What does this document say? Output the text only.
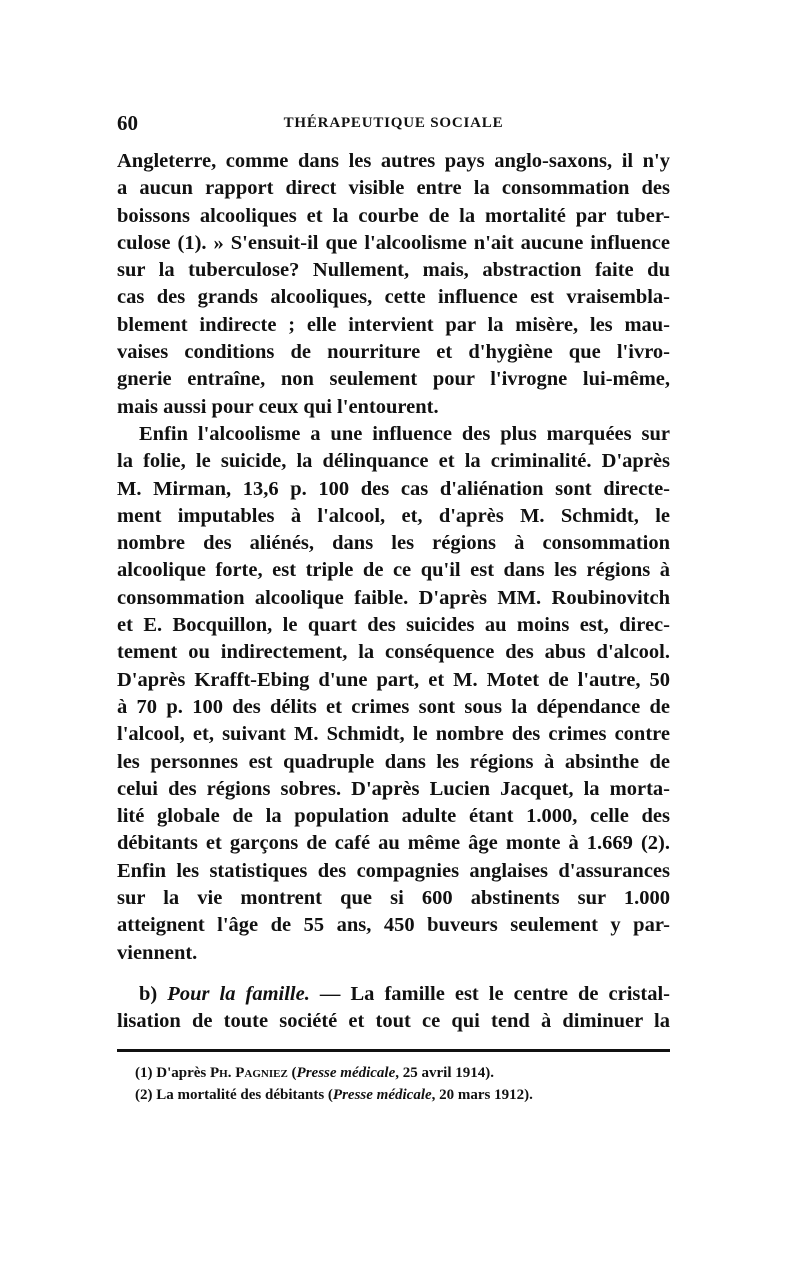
60	THÉRAPEUTIQUE SOCIALE
Angleterre, comme dans les autres pays anglo-saxons, il n'y
a aucun rapport direct visible entre la consommation des
boissons alcooliques et la courbe de la mortalité par tuber-
culose (1). » S'ensuit-il que l'alcoolisme n'ait aucune influence
sur la tuberculose? Nullement, mais, abstraction faite du
cas des grands alcooliques, cette influence est vraisembla-
blement indirecte ; elle intervient par la misère, les mau-
vaises conditions de nourriture et d'hygiène que l'ivro-
gnerie entraîne, non seulement pour l'ivrogne lui-même,
mais aussi pour ceux qui l'entourent.
Enfin l'alcoolisme a une influence des plus marquées sur
la folie, le suicide, la délinquance et la criminalité. D'après
M. Mirman, 13,6 p. 100 des cas d'aliénation sont directe-
ment imputables à l'alcool, et, d'après M. Schmidt, le
nombre des aliénés, dans les régions à consommation
alcoolique forte, est triple de ce qu'il est dans les régions à
consommation alcoolique faible. D'après MM. Roubinovitch
et E. Bocquillon, le quart des suicides au moins est, direc-
tement ou indirectement, la conséquence des abus d'alcool.
D'après Krafft-Ebing d'une part, et M. Motet de l'autre, 50
à 70 p. 100 des délits et crimes sont sous la dépendance de
l'alcool, et, suivant M. Schmidt, le nombre des crimes contre
les personnes est quadruple dans les régions à absinthe de
celui des régions sobres. D'après Lucien Jacquet, la morta-
lité globale de la population adulte étant 1.000, celle des
débitants et garçons de café au même âge monte à 1.669 (2).
Enfin les statistiques des compagnies anglaises d'assurances
sur la vie montrent que si 600 abstinents sur 1.000
atteignent l'âge de 55 ans, 450 buveurs seulement y par-
viennent.
b) Pour la famille. — La famille est le centre de cristal-
lisation de toute société et tout ce qui tend à diminuer la
(1) D'après Ph. Pagniez (Presse médicale, 25 avril 1914).
(2) La mortalité des débitants (Presse médicale, 20 mars 1912).
